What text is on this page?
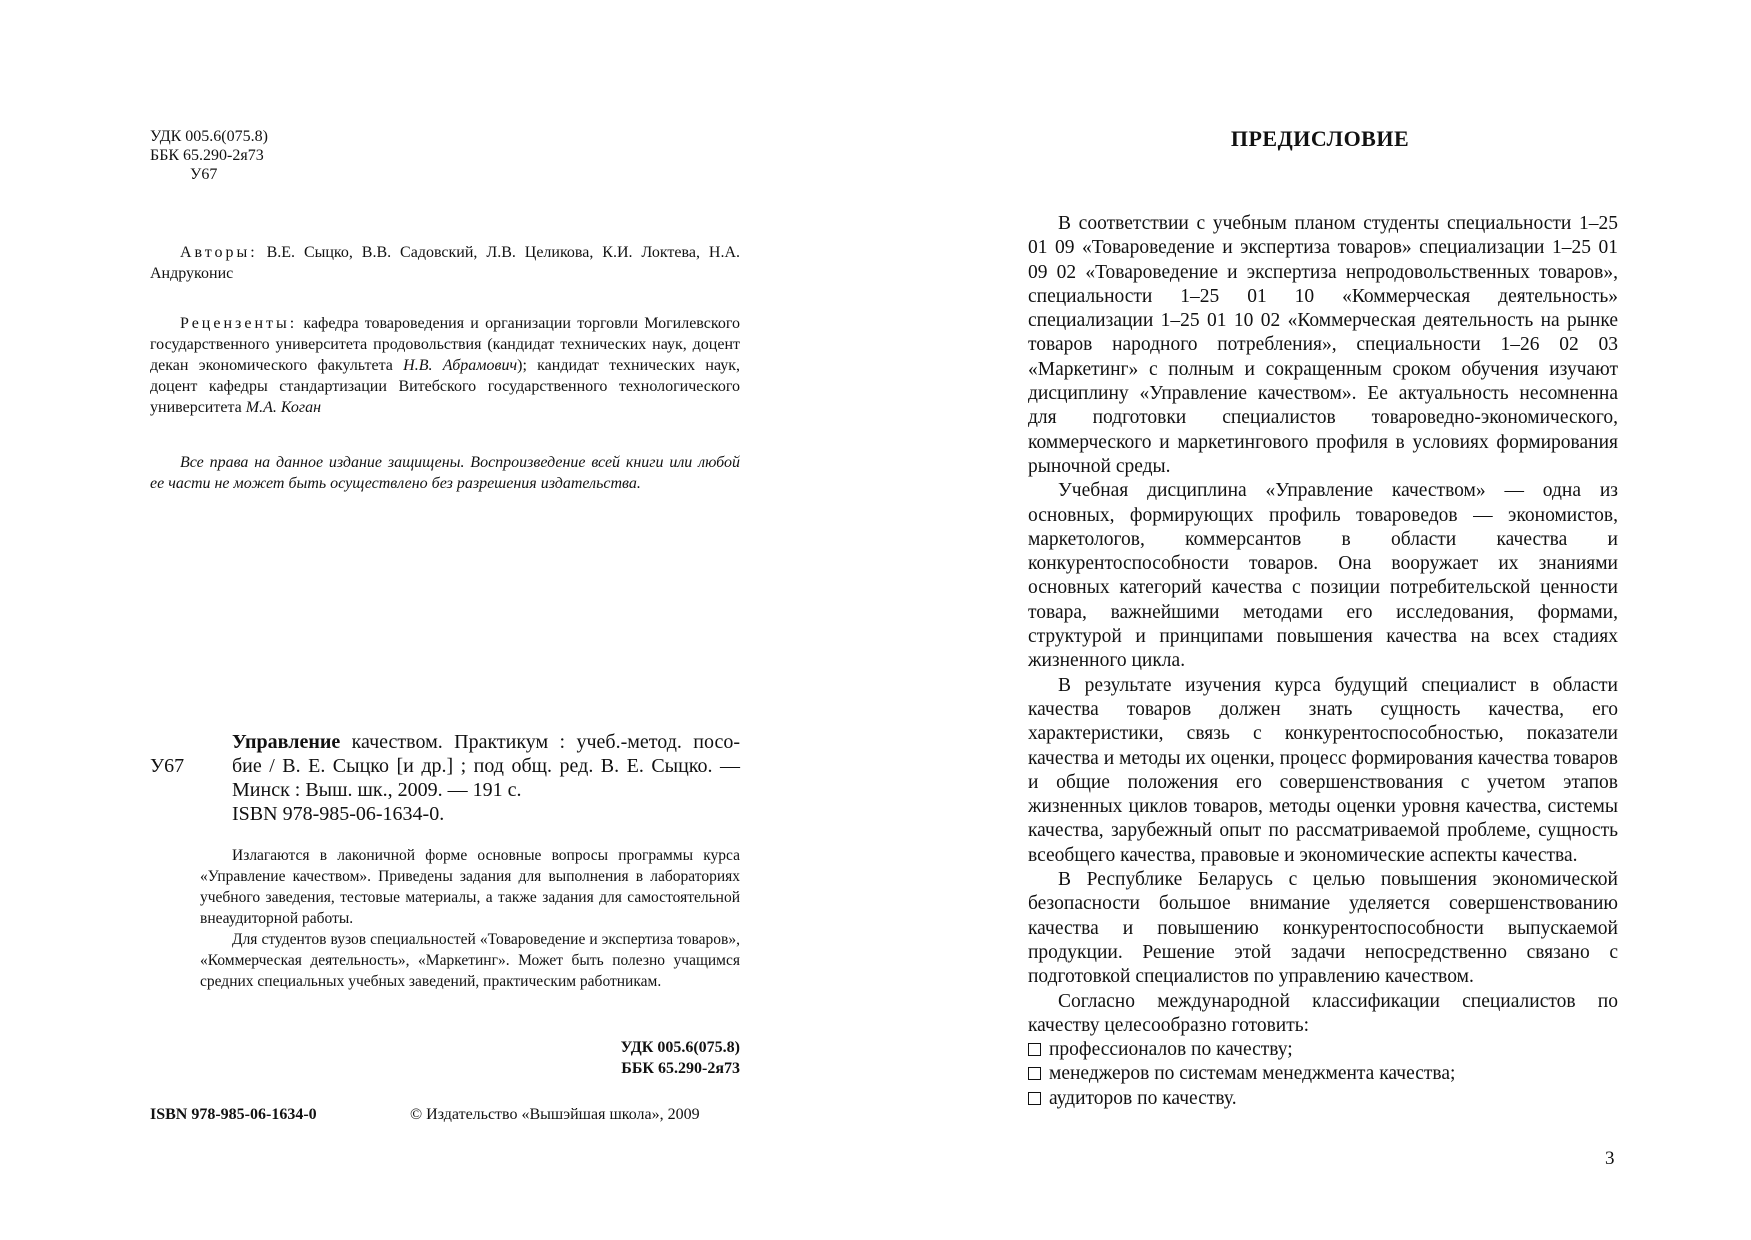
УДК 005.6(075.8)
ББК 65.290-2я73
У67
Авторы: В.Е. Сыцко, В.В. Садовский, Л.В. Целикова, К.И. Локтева, Н.А. Андруконис
Рецензенты: кафедра товароведения и организации торговли Могилевского государственного университета продовольствия (кандидат технических наук, доцент декан экономического факультета Н.В. Абрамович); кандидат технических наук, доцент кафедры стандартизации Витебского государственного технологического университета М.А. Коган
Все права на данное издание защищены. Воспроизведение всей книги или любой ее части не может быть осуществлено без разрешения издательства.
Управление качеством. Практикум : учеб.-метод. посо-
У67	бие / В. Е. Сыцко [и др.] ; под общ. ред. В. Е. Сыцко. —
Минск : Выш. шк., 2009. — 191 с.
ISBN 978-985-06-1634-0.

Излагаются в лаконичной форме основные вопросы программы курса «Управление качеством». Приведены задания для выполнения в лабораториях учебного заведения, тестовые материалы, а также задания для самостоятельной внеаудиторной работы.

Для студентов вузов специальностей «Товароведение и экспертиза товаров», «Коммерческая деятельность», «Маркетинг». Может быть полезно учащимся средних специальных учебных заведений, практическим работникам.

УДК 005.6(075.8)
ББК 65.290-2я73
ISBN 978-985-06-1634-0	© Издательство «Вышэйшая школа», 2009
ПРЕДИСЛОВИЕ

В соответствии с учебным планом студенты специальности 1–25 01 09 «Товароведение и экспертиза товаров» специализации 1–25 01 09 02 «Товароведение и экспертиза непродовольственных товаров», специальности 1–25 01 10 «Коммерческая деятельность» специализации 1–25 01 10 02 «Коммерческая деятельность на рынке товаров народного потребления», специальности 1–26 02 03 «Маркетинг» с полным и сокращенным сроком обучения изучают дисциплину «Управление качеством». Ее актуальность несомненна для подготовки специалистов товароведно-экономического, коммерческого и маркетингового профиля в условиях формирования рыночной среды.

Учебная дисциплина «Управление качеством» — одна из основных, формирующих профиль товароведов — экономистов, маркетологов, коммерсантов в области качества и конкурентоспособности товаров. Она вооружает их знаниями основных категорий качества с позиции потребительской ценности товара, важнейшими методами его исследования, формами, структурой и принципами повышения качества на всех стадиях жизненного цикла.

В результате изучения курса будущий специалист в области качества товаров должен знать сущность качества, его характеристики, связь с конкурентоспособностью, показатели качества и методы их оценки, процесс формирования качества товаров и общие положения его совершенствования с учетом этапов жизненных циклов товаров, методы оценки уровня качества, системы качества, зарубежный опыт по рассматриваемой проблеме, сущность всеобщего качества, правовые и экономические аспекты качества.

В Республике Беларусь с целью повышения экономической безопасности большое внимание уделяется совершенствованию качества и повышению конкурентоспособности выпускаемой продукции. Решение этой задачи непосредственно связано с подготовкой специалистов по управлению качеством.

Согласно международной классификации специалистов по качеству целесообразно готовить:

профессионалов по качеству;
менеджеров по системам менеджмента качества;
аудиторов по качеству.
3
